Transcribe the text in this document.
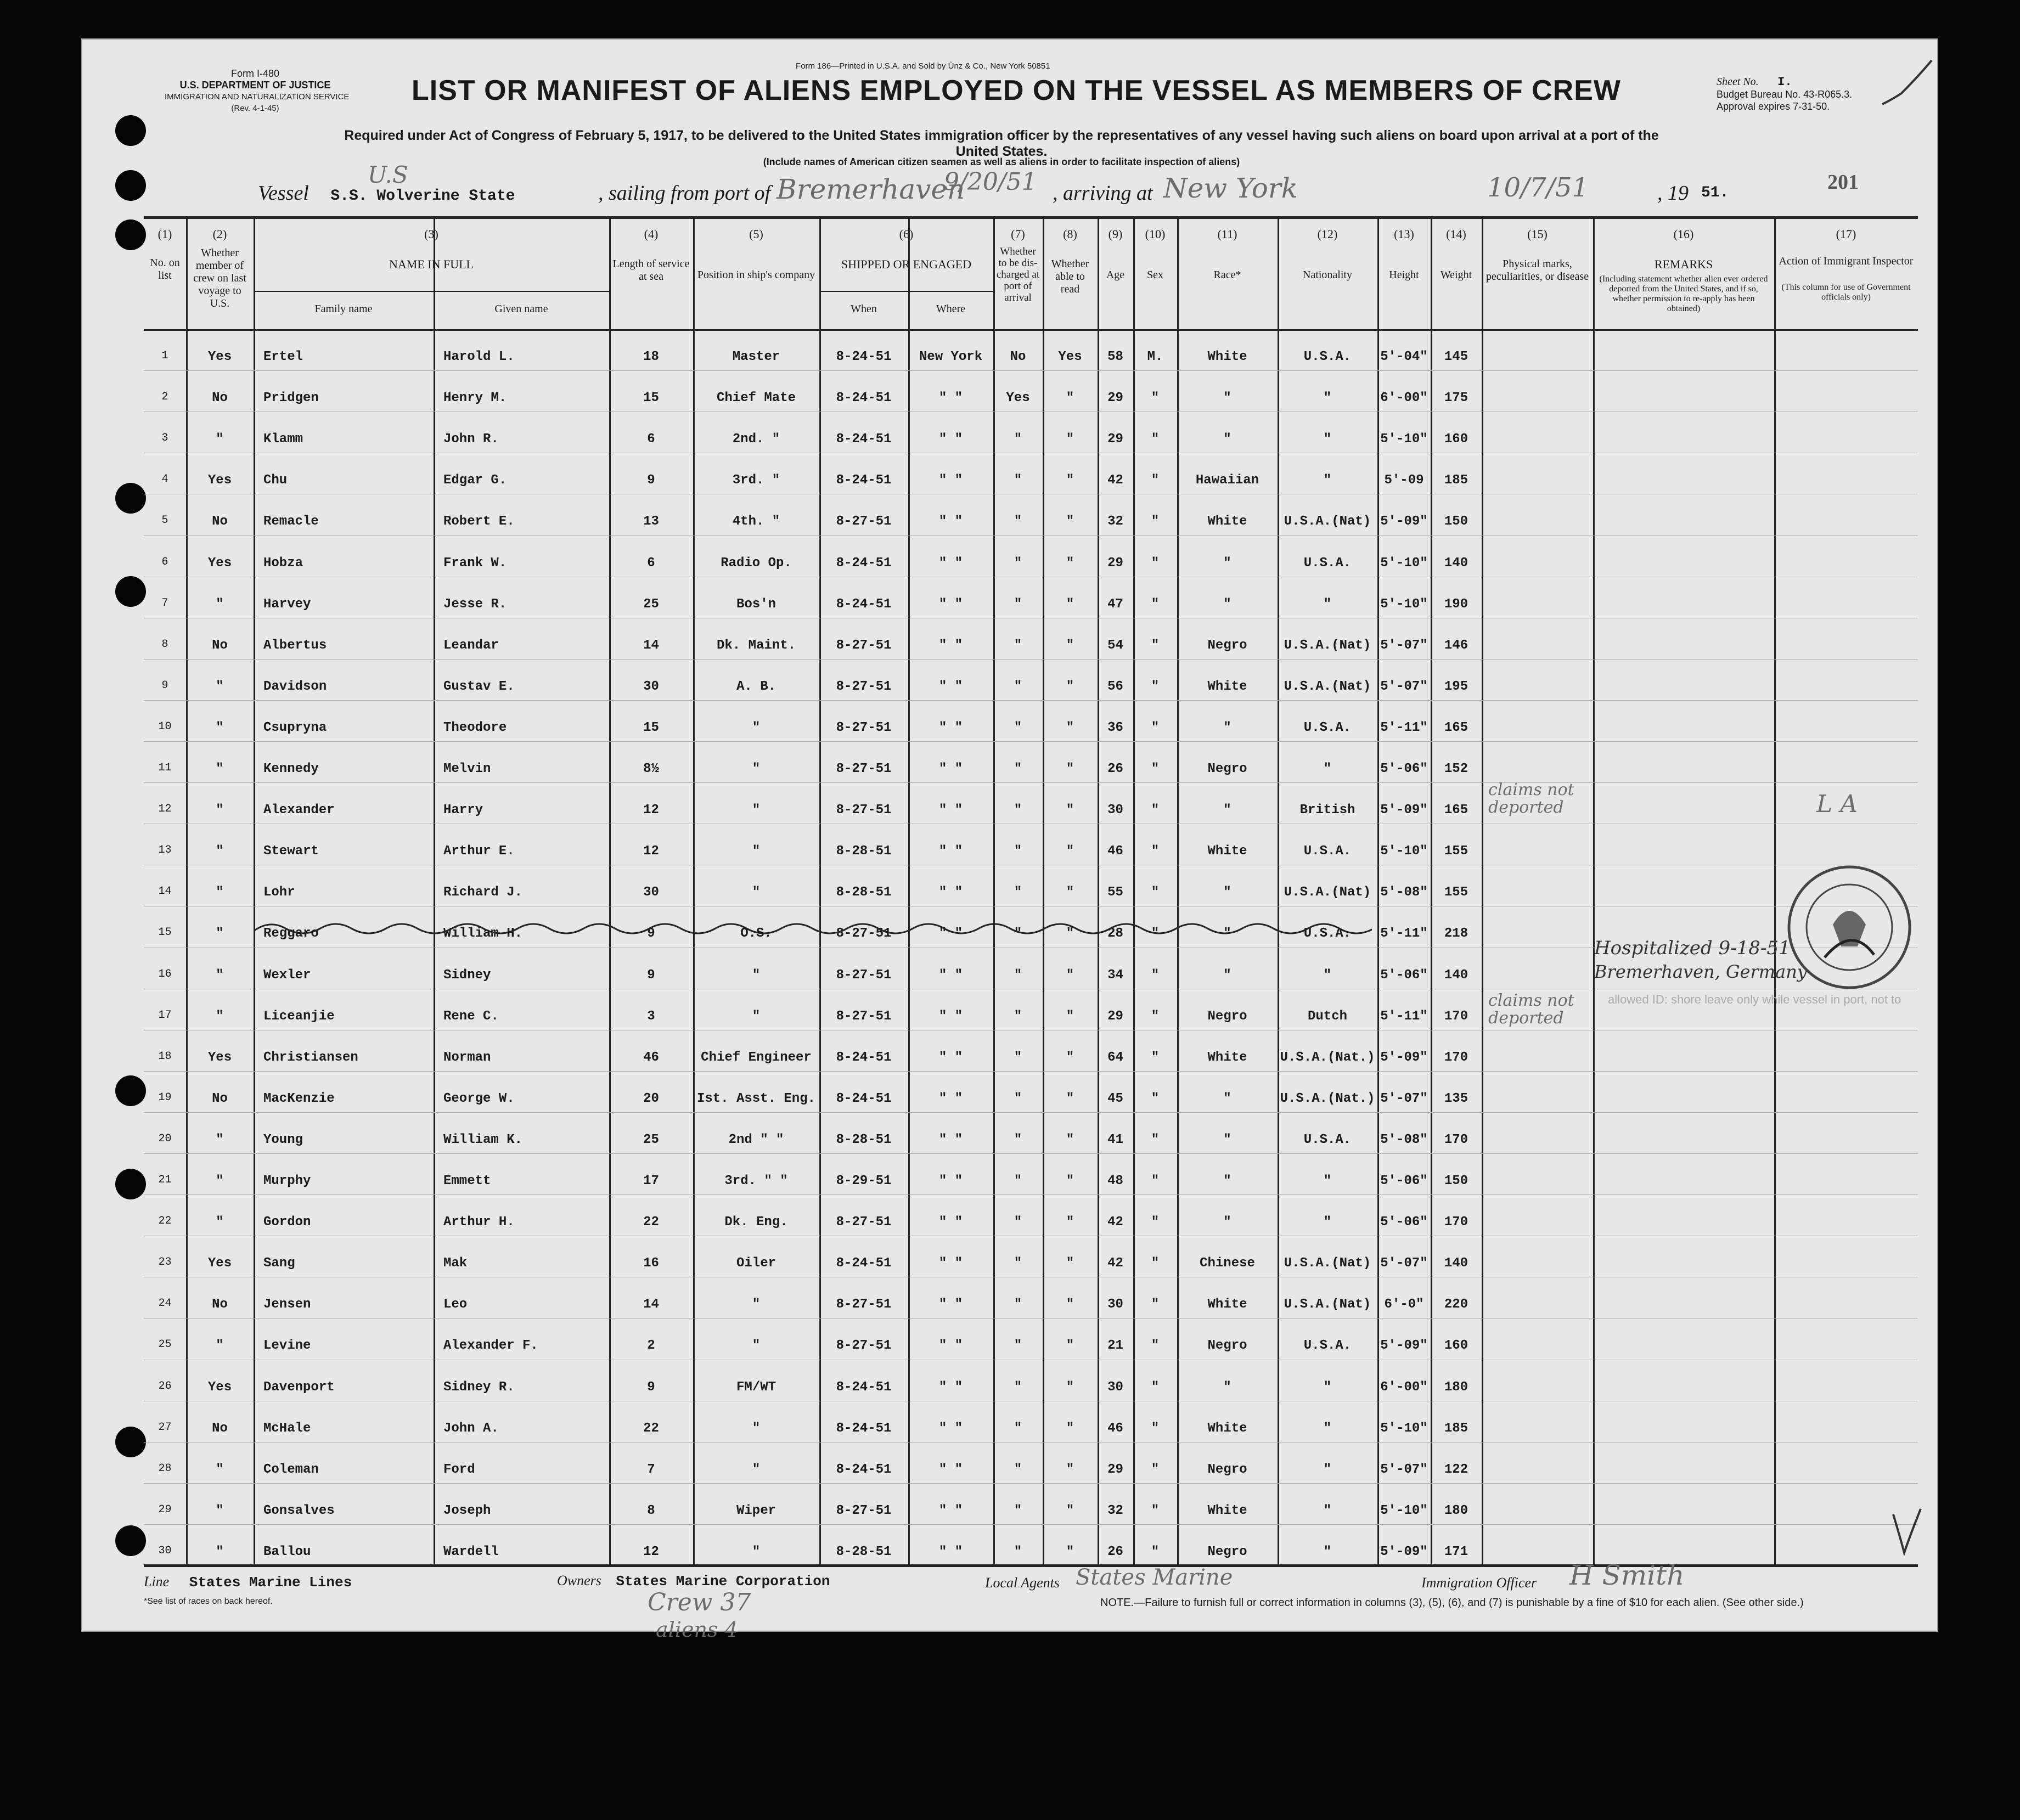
Form I-480
U.S. DEPARTMENT OF JUSTICE
IMMIGRATION AND NATURALIZATION SERVICE
(Rev. 4-1-45)
Form 186—Printed in U.S.A. and Sold by Ünz & Co., New York 50851
LIST OR MANIFEST OF ALIENS EMPLOYED ON THE VESSEL AS MEMBERS OF CREW
Required under Act of Congress of February 5, 1917, to be delivered to the United States immigration officer by the representatives of any vessel having such aliens on board upon arrival at a port of the United States.
(Include names of American citizen seamen as well as aliens in order to facilitate inspection of aliens)
Sheet No. I.
Budget Bureau No. 43-R065.3.
Approval expires 7-31-50.
201
Vessel S.S. Wolverine State
U.S
, sailing from port of Bremerhaven
9/20/51 , arriving at New York	10/7/51	, 19 51.
1	Yes	Ertel	Harold L.	18	Master	8-24-51	New York	No	Yes	58	M.	White	U.S.A.	5'-04"	145
2	No	Pridgen	Henry M.	15	Chief Mate	8-24-51	" "	Yes	"	29	"	"	"	6'-00"	175
3	"	Klamm	John R.	6	2nd. "	8-24-51	" "	"	"	29	"	"	"	5'-10"	160
4	Yes	Chu	Edgar G.	9	3rd. "	8-24-51	" "	"	"	42	"	Hawaiian	"	5'-09	185
5	No	Remacle	Robert E.	13	4th. "	8-27-51	" "	"	"	32	"	White	U.S.A.(Nat) 5'-09"	150
6	Yes	Hobza	Frank W.	6	Radio Op.	8-24-51	" "	"	"	29	"	"	U.S.A.	5'-10"	140
7	"	Harvey	Jesse R.	25	Bos'n	8-24-51	" "	"	"	47	"	"	"	5'-10"	190
8	No	Albertus	Leandar	14	Dk. Maint.	8-27-51	" "	"	"	54	"	Negro	U.S.A.(Nat) 5'-07"	146
9	"	Davidson	Gustav E.	30	A. B.	8-27-51	" "	"	"	56	"	White	U.S.A.(Nat) 5'-07"	195
10	"	Csupryna	Theodore	15	"	8-27-51	" "	"	"	36	"	"	U.S.A.	5'-11"	165
11	"	Kennedy	Melvin	8½	"	8-27-51	" "	"	"	26	"	Negro	"	5'-06"	152
12	"	Alexander	Harry	12	"	8-27-51	" "	"	"	30	"	"	British	5'-09"	165
13	"	Stewart	Arthur E.	12	"	8-28-51	" "	"	"	46	"	White	U.S.A.	5'-10"	155
14	"	Lohr	Richard J.	30	"	8-28-51	" "	"	"	55	"	"	U.S.A.(Nat) 5'-08"	155
15	"	Reggaro	William H.	9	O.S.	8-27-51	" "	"	"	28	"	"	U.S.A.	5'-11"	218
16	"	Wexler	Sidney	9	"	8-27-51	" "	"	"	34	"	"	"	5'-06"	140
17	"	Liceanjie	Rene C.	3	"	8-27-51	" "	"	"	29	"	Negro	Dutch	5'-11"	170
18	Yes	Christiansen	Norman	46	Chief Engineer	8-24-51	" "	"	"	64	"	White	U.S.A.(Nat.) 5'-09"	170
19	No	MacKenzie	George W.	20	Ist. Asst. Eng.	8-24-51	" "	"	"	45	"	"	U.S.A.(Nat.) 5'-07"	135
20	"	Young	William K.	25	2nd " "	8-28-51	" "	"	"	41	"	"	U.S.A.	5'-08"	170
21	"	Murphy	Emmett	17	3rd. " "	8-29-51	" "	"	"	48	"	"	"	5'-06"	150
22	"	Gordon	Arthur H.	22	Dk. Eng.	8-27-51	" "	"	"	42	"	"	"	5'-06"	170
23	Yes	Sang	Mak	16	Oiler	8-24-51	" "	"	"	42	"	Chinese	U.S.A.(Nat) 5'-07"	140
24	No	Jensen	Leo	14	"	8-27-51	" "	"	"	30	"	White	U.S.A.(Nat)	6'-0"	220
25	"	Levine	Alexander F.	2	"	8-27-51	" "	"	"	21	"	Negro	U.S.A.	5'-09"	160
26	Yes	Davenport	Sidney R.	9	FM/WT	8-24-51	" "	"	"	30	"	"	"	6'-00"	180
27	No	McHale	John A.	22	"	8-24-51	" "	"	"	46	"	White	"	5'-10"	185
28	"	Coleman	Ford	7	"	8-24-51	" "	"	"	29	"	Negro	"	5'-07"	122
29	"	Gonsalves	Joseph	8	Wiper	8-27-51	" "	"	"	32	"	White	"	5'-10"	180
30	"	Ballou	Wardell	12	"	8-28-51	" "	"	"	26	"	Negro	"	5'-09"	171
(1)	(2)	(3)	(4)	(5)	(6)	(7)	(8)	(9)	(10)	(11)	(12)	(13)	(14)	(15)	(16)	(17)
No. on list
Whether member of crew on last voyage to U.S.
NAME IN FULL
Family name	Given name
Length of service at sea	Position in ship's company
SHIPPED OR ENGAGED
When	Where
Whether to be dis-charged at port of arrival
Whether able to read
Age	Sex	Race*	Nationality	Height	Weight
Physical marks, peculiarities, or disease
REMARKS
(Including statement whether alien ever ordered deported from the United States, and if so, whether permission to re-apply has been obtained)
Action of Immigrant Inspector
(This column for use of Government officials only)
claims not deported
claims not deported
Hospitalized 9-18-51
Bremerhaven, Germany
L A
allowed ID: shore leave only while vessel in port, not to
Line States Marine Lines	Owners States Marine Corporation	Local Agents States Marine	Immigration Officer H Smith
*See list of races on back hereof.	NOTE.—Failure to furnish full or correct information in columns (3), (5), (6), and (7) is punishable by a fine of $10 for each alien. (See other side.)
Crew 37
aliens 4
